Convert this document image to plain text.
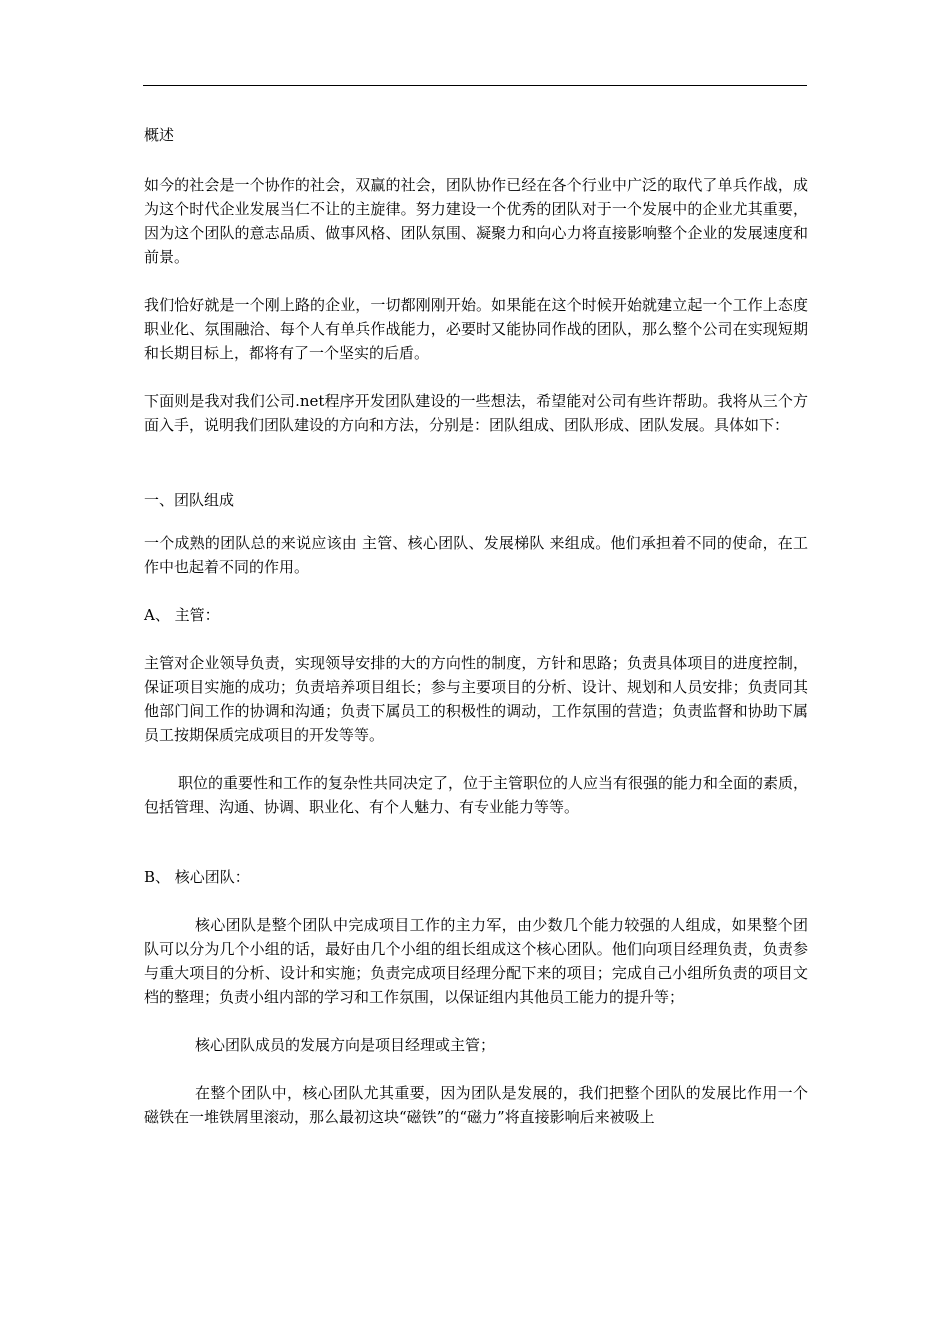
概述

如今的社会是一个协作的社会，双赢的社会，团队协作已经在各个行业中广泛的取代了单兵作战，成为这个时代企业发展当仁不让的主旋律。努力建设一个优秀的团队对于一个发展中的企业尤其重要，因为这个团队的意志品质、做事风格、团队氛围、凝聚力和向心力将直接影响整个企业的发展速度和前景。

我们恰好就是一个刚上路的企业，一切都刚刚开始。如果能在这个时候开始就建立起一个工作上态度职业化、氛围融洽、每个人有单兵作战能力，必要时又能协同作战的团队，那么整个公司在实现短期和长期目标上，都将有了一个坚实的后盾。

下面则是我对我们公司.net程序开发团队建设的一些想法，希望能对公司有些许帮助。我将从三个方面入手，说明我们团队建设的方向和方法，分别是：团队组成、团队形成、团队发展。具体如下：

一、团队组成

一个成熟的团队总的来说应该由 主管、核心团队、发展梯队 来组成。他们承担着不同的使命，在工作中也起着不同的作用。

A、 主管：

主管对企业领导负责，实现领导安排的大的方向性的制度，方针和思路；负责具体项目的进度控制，保证项目实施的成功；负责培养项目组长；参与主要项目的分析、设计、规划和人员安排；负责同其他部门间工作的协调和沟通；负责下属员工的积极性的调动，工作氛围的营造；负责监督和协助下属员工按期保质完成项目的开发等等。

职位的重要性和工作的复杂性共同决定了，位于主管职位的人应当有很强的能力和全面的素质，包括管理、沟通、协调、职业化、有个人魅力、有专业能力等等。

B、 核心团队：

核心团队是整个团队中完成项目工作的主力军，由少数几个能力较强的人组成，如果整个团队可以分为几个小组的话，最好由几个小组的组长组成这个核心团队。他们向项目经理负责，负责参与重大项目的分析、设计和实施；负责完成项目经理分配下来的项目；完成自己小组所负责的项目文档的整理；负责小组内部的学习和工作氛围，以保证组内其他员工能力的提升等；

核心团队成员的发展方向是项目经理或主管；

在整个团队中，核心团队尤其重要，因为团队是发展的，我们把整个团队的发展比作用一个磁铁在一堆铁屑里滚动，那么最初这块“磁铁”的“磁力”将直接影响后来被吸上
